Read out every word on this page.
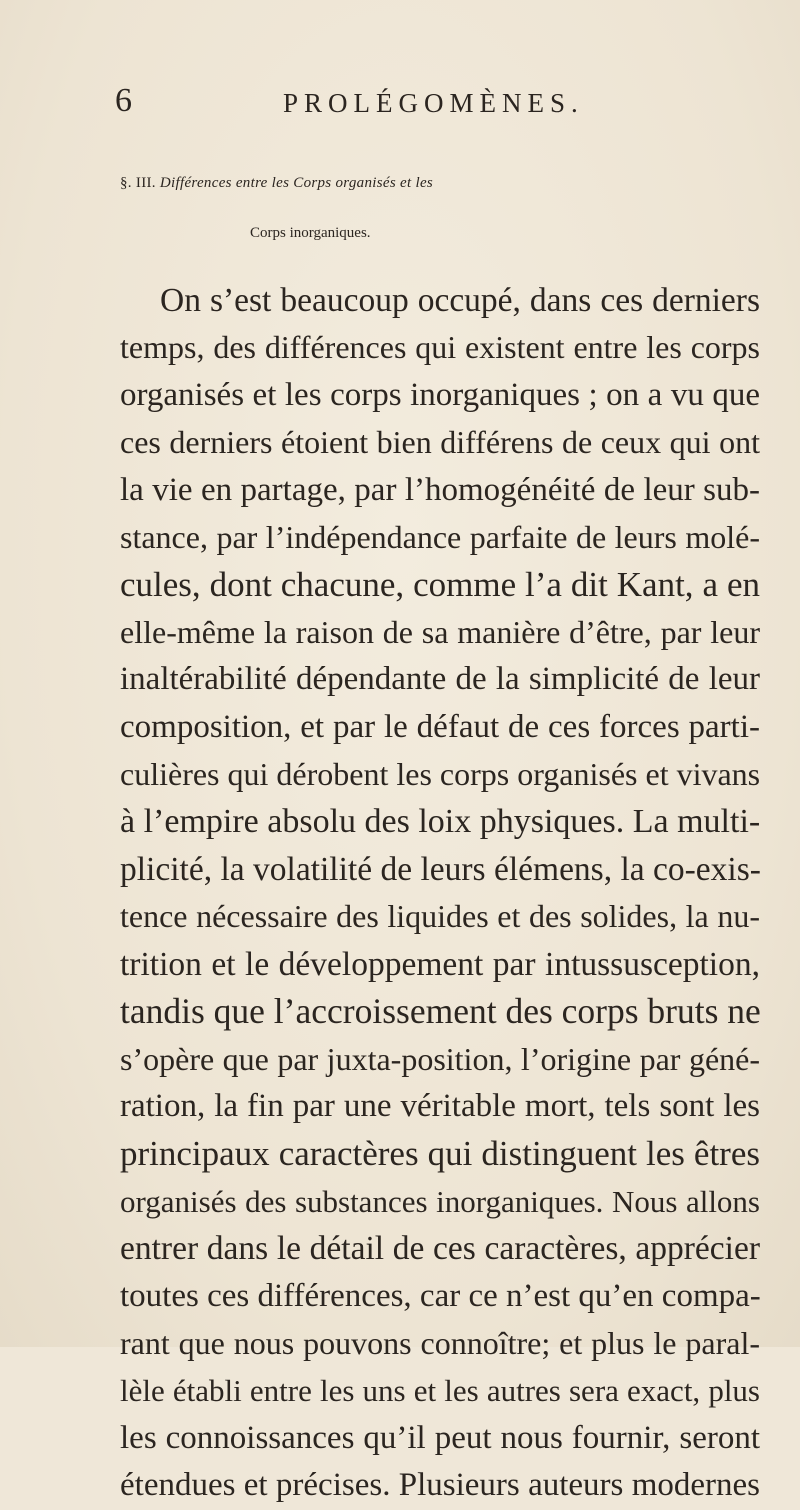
6	PROLÉGOMÈNES.
§. III. Différences entre les Corps organisés et les
Corps inorganiques.
On s’est beaucoup occupé, dans ces derniers
temps, des différences qui existent entre les corps
organisés et les corps inorganiques ; on a vu que
ces derniers étoient bien différens de ceux qui ont
la vie en partage, par l’homogénéité de leur sub-
stance, par l’indépendance parfaite de leurs molé-
cules, dont chacune, comme l’a dit Kant, a en
elle-même la raison de sa manière d’être, par leur
inaltérabilité dépendante de la simplicité de leur
composition, et par le défaut de ces forces parti-
culières qui dérobent les corps organisés et vivans
à l’empire absolu des loix physiques. La multi-
plicité, la volatilité de leurs élémens, la co-exis-
tence nécessaire des liquides et des solides, la nu-
trition et le développement par intussusception,
tandis que l’accroissement des corps bruts ne
s’opère que par juxta-position, l’origine par géné-
ration, la fin par une véritable mort, tels sont les
principaux caractères qui distinguent les êtres
organisés des substances inorganiques. Nous allons
entrer dans le détail de ces caractères, apprécier
toutes ces différences, car ce n’est qu’en compa-
rant que nous pouvons connoître; et plus le paral-
lèle établi entre les uns et les autres sera exact, plus
les connoissances qu’il peut nous fournir, seront
étendues et précises. Plusieurs auteurs modernes
